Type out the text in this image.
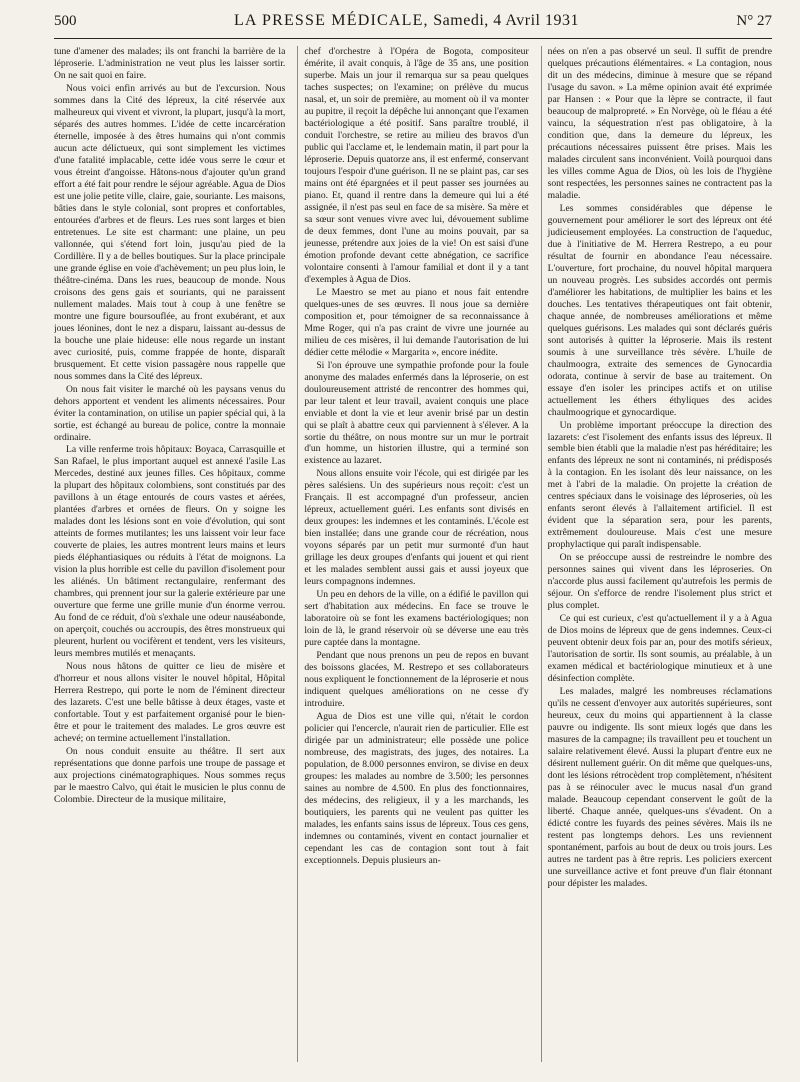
500	LA PRESSE MÉDICALE, Samedi, 4 Avril 1931	N° 27

tune d'amener des malades; ils ont franchi la barrière de la léproserie. L'administration ne veut plus les laisser sortir. On ne sait quoi en faire.

Nous voici enfin arrivés au but de l'excursion. Nous sommes dans la Cité des lépreux, la cité réservée aux malheureux qui vivent et vivront, la plupart, jusqu'à la mort, séparés des autres hommes. L'idée de cette incarcération éternelle, imposée à des êtres humains qui n'ont commis aucun acte délictueux, qui sont simplement les victimes d'une fatalité implacable, cette idée vous serre le cœur et vous étreint d'angoisse. Hâtons-nous d'ajouter qu'un grand effort a été fait pour rendre le séjour agréable. Agua de Dios est une jolie petite ville, claire, gaie, souriante. Les maisons, bâties dans le style colonial, sont propres et confortables, entourées d'arbres et de fleurs. Les rues sont larges et bien entretenues. Le site est charmant: une plaine, un peu vallonnée, qui s'étend fort loin, jusqu'au pied de la Cordillère. Il y a de belles boutiques. Sur la place principale une grande église en voie d'achèvement; un peu plus loin, le théâtre-cinéma. Dans les rues, beaucoup de monde. Nous croisons des gens gais et souriants, qui ne paraissent nullement malades. Mais tout à coup à une fenêtre se montre une figure boursouflée, au front exubérant, et aux joues léonines, dont le nez a disparu, laissant au-dessus de la bouche une plaie hideuse: elle nous regarde un instant avec curiosité, puis, comme frappée de honte, disparaît brusquement. Et cette vision passagère nous rappelle que nous sommes dans la Cité des lépreux.

On nous fait visiter le marché où les paysans venus du dehors apportent et vendent les aliments nécessaires. Pour éviter la contamination, on utilise un papier spécial qui, à la sortie, est échangé au bureau de police, contre la monnaie ordinaire.

La ville renferme trois hôpitaux: Boyaca, Carrasquille et San Rafael, le plus important auquel est annexé l'asile Las Mercedes, destiné aux jeunes filles. Ces hôpitaux, comme la plupart des hôpitaux colombiens, sont constitués par des pavillons à un étage entourés de cours vastes et aérées, plantées d'arbres et ornées de fleurs. On y soigne les malades dont les lésions sont en voie d'évolution, qui sont atteints de formes mutilantes; les uns laissent voir leur face couverte de plaies, les autres montrent leurs mains et leurs pieds éléphantiasiques ou réduits à l'état de moignons. La vision la plus horrible est celle du pavillon d'isolement pour les aliénés. Un bâtiment rectangulaire, renfermant des chambres, qui prennent jour sur la galerie extérieure par une ouverture que ferme une grille munie d'un énorme verrou. Au fond de ce réduit, d'où s'exhale une odeur nauséabonde, on aperçoit, couchés ou accroupis, des êtres monstrueux qui pleurent, hurlent ou vocifèrent et tendent, vers les visiteurs, leurs membres mutilés et menaçants.

Nous nous hâtons de quitter ce lieu de misère et d'horreur et nous allons visiter le nouvel hôpital, Hôpital Herrera Restrepo, qui porte le nom de l'éminent directeur des lazarets. C'est une belle bâtisse à deux étages, vaste et confortable. Tout y est parfaitement organisé pour le bien-être et pour le traitement des malades. Le gros œuvre est achevé; on termine actuellement l'installation.

On nous conduit ensuite au théâtre. Il sert aux représentations que donne parfois une troupe de passage et aux projections cinématographiques. Nous sommes reçus par le maestro Calvo, qui était le musicien le plus connu de Colombie. Directeur de la musique militaire,

chef d'orchestre à l'Opéra de Bogota, compositeur émérite, il avait conquis, à l'âge de 35 ans, une position superbe. Mais un jour il remarqua sur sa peau quelques taches suspectes; on l'examine; on prélève du mucus nasal, et, un soir de première, au moment où il va monter au pupitre, il reçoit la dépêche lui annonçant que l'examen bactériologique a été positif. Sans paraître troublé, il conduit l'orchestre, se retire au milieu des bravos d'un public qui l'acclame et, le lendemain matin, il part pour la léproserie. Depuis quatorze ans, il est enfermé, conservant toujours l'espoir d'une guérison. Il ne se plaint pas, car ses mains ont été épargnées et il peut passer ses journées au piano. Et, quand il rentre dans la demeure qui lui a été assignée, il n'est pas seul en face de sa misère. Sa mère et sa sœur sont venues vivre avec lui, dévouement sublime de deux femmes, dont l'une au moins pouvait, par sa jeunesse, prétendre aux joies de la vie! On est saisi d'une émotion profonde devant cette abnégation, ce sacrifice volontaire consenti à l'amour familial et dont il y a tant d'exemples à Agua de Dios.

Le Maestro se met au piano et nous fait entendre quelques-unes de ses œuvres. Il nous joue sa dernière composition et, pour témoigner de sa reconnaissance à Mme Roger, qui n'a pas craint de vivre une journée au milieu de ces misères, il lui demande l'autorisation de lui dédier cette mélodie « Margarita », encore inédite.

Si l'on éprouve une sympathie profonde pour la foule anonyme des malades enfermés dans la léproserie, on est douloureusement attristé de rencontrer des hommes qui, par leur talent et leur travail, avaient conquis une place enviable et dont la vie et leur avenir brisé par un destin qui se plaît à abattre ceux qui parviennent à s'élever. A la sortie du théâtre, on nous montre sur un mur le portrait d'un homme, un historien illustre, qui a terminé son existence au lazaret.

Nous allons ensuite voir l'école, qui est dirigée par les pères salésiens. Un des supérieurs nous reçoit: c'est un Français. Il est accompagné d'un professeur, ancien lépreux, actuellement guéri. Les enfants sont divisés en deux groupes: les indemnes et les contaminés. L'école est bien installée; dans une grande cour de récréation, nous voyons séparés par un petit mur surmonté d'un haut grillage les deux groupes d'enfants qui jouent et qui rient et les malades semblent aussi gais et aussi joyeux que leurs compagnons indemnes.

Un peu en dehors de la ville, on a édifié le pavillon qui sert d'habitation aux médecins. En face se trouve le laboratoire où se font les examens bactériologiques; non loin de là, le grand réservoir où se déverse une eau très pure captée dans la montagne.

Pendant que nous prenons un peu de repos en buvant des boissons glacées, M. Restrepo et ses collaborateurs nous expliquent le fonctionnement de la léproserie et nous indiquent quelques améliorations on ne cesse d'y introduire.

Agua de Dios est une ville qui, n'était le cordon policier qui l'encercle, n'aurait rien de particulier. Elle est dirigée par un administrateur; elle possède une police nombreuse, des magistrats, des juges, des notaires. La population, de 8.000 personnes environ, se divise en deux groupes: les malades au nombre de 3.500; les personnes saines au nombre de 4.500. En plus des fonctionnaires, des médecins, des religieux, il y a les marchands, les boutiquiers, les parents qui ne veulent pas quitter les malades, les enfants sains issus de lépreux. Tous ces gens, indemnes ou contaminés, vivent en contact journalier et cependant les cas de contagion sont tout à fait exceptionnels. Depuis plusieurs an-

nées on n'en a pas observé un seul. Il suffit de prendre quelques précautions élémentaires. « La contagion, nous dit un des médecins, diminue à mesure que se répand l'usage du savon. » La même opinion avait été exprimée par Hansen : « Pour que la lèpre se contracte, il faut beaucoup de malpropreté. » En Norvège, où le fléau a été vaincu, la séquestration n'est pas obligatoire, à la condition que, dans la demeure du lépreux, les précautions nécessaires puissent être prises. Mais les malades circulent sans inconvénient. Voilà pourquoi dans les villes comme Agua de Dios, où les lois de l'hygiène sont respectées, les personnes saines ne contractent pas la maladie.

Les sommes considérables que dépense le gouvernement pour améliorer le sort des lépreux ont été judicieusement employées. La construction de l'aqueduc, due à l'initiative de M. Herrera Restrepo, a eu pour résultat de fournir en abondance l'eau nécessaire. L'ouverture, fort prochaine, du nouvel hôpital marquera un nouveau progrès. Les subsides accordés ont permis d'améliorer les habitations, de multiplier les bains et les douches. Les tentatives thérapeutiques ont fait obtenir, chaque année, de nombreuses améliorations et même quelques guérisons. Les malades qui sont déclarés guéris sont autorisés à quitter la léproserie. Mais ils restent soumis à une surveillance très sévère. L'huile de chaulmoogra, extraite des semences de Gynocardia odorata, continue à servir de base au traitement. On essaye d'en isoler les principes actifs et on utilise actuellement les éthers éthyliques des acides chaulmoogrique et gynocardique.

Un problème important préoccupe la direction des lazarets: c'est l'isolement des enfants issus des lépreux. Il semble bien établi que la maladie n'est pas héréditaire; les enfants des lépreux ne sont ni contaminés, ni prédisposés à la contagion. En les isolant dès leur naissance, on les met à l'abri de la maladie. On projette la création de centres spéciaux dans le voisinage des léproseries, où les enfants seront élevés à l'allaitement artificiel. Il est évident que la séparation sera, pour les parents, extrêmement douloureuse. Mais c'est une mesure prophylactique qui paraît indispensable.

On se préoccupe aussi de restreindre le nombre des personnes saines qui vivent dans les léproseries. On n'accorde plus aussi facilement qu'autrefois les permis de séjour. On s'efforce de rendre l'isolement plus strict et plus complet.

Ce qui est curieux, c'est qu'actuellement il y a à Agua de Dios moins de lépreux que de gens indemnes. Ceux-ci peuvent obtenir deux fois par an, pour des motifs sérieux, l'autorisation de sortir. Ils sont soumis, au préalable, à un examen médical et bactériologique minutieux et à une désinfection complète.

Les malades, malgré les nombreuses réclamations qu'ils ne cessent d'envoyer aux autorités supérieures, sont heureux, ceux du moins qui appartiennent à la classe pauvre ou indigente. Ils sont mieux logés que dans les masures de la campagne; ils travaillent peu et touchent un salaire relativement élevé. Aussi la plupart d'entre eux ne désirent nullement guérir. On dit même que quelques-uns, dont les lésions rétrocèdent trop complètement, n'hésitent pas à se réinoculer avec le mucus nasal d'un grand malade. Beaucoup cependant conservent le goût de la liberté. Chaque année, quelques-uns s'évadent. On a édicté contre les fuyards des peines sévères. Mais ils ne restent pas longtemps dehors. Les uns reviennent spontanément, parfois au bout de deux ou trois jours. Les autres ne tardent pas à être repris. Les policiers exercent une surveillance active et font preuve d'un flair étonnant pour dépister les malades.
